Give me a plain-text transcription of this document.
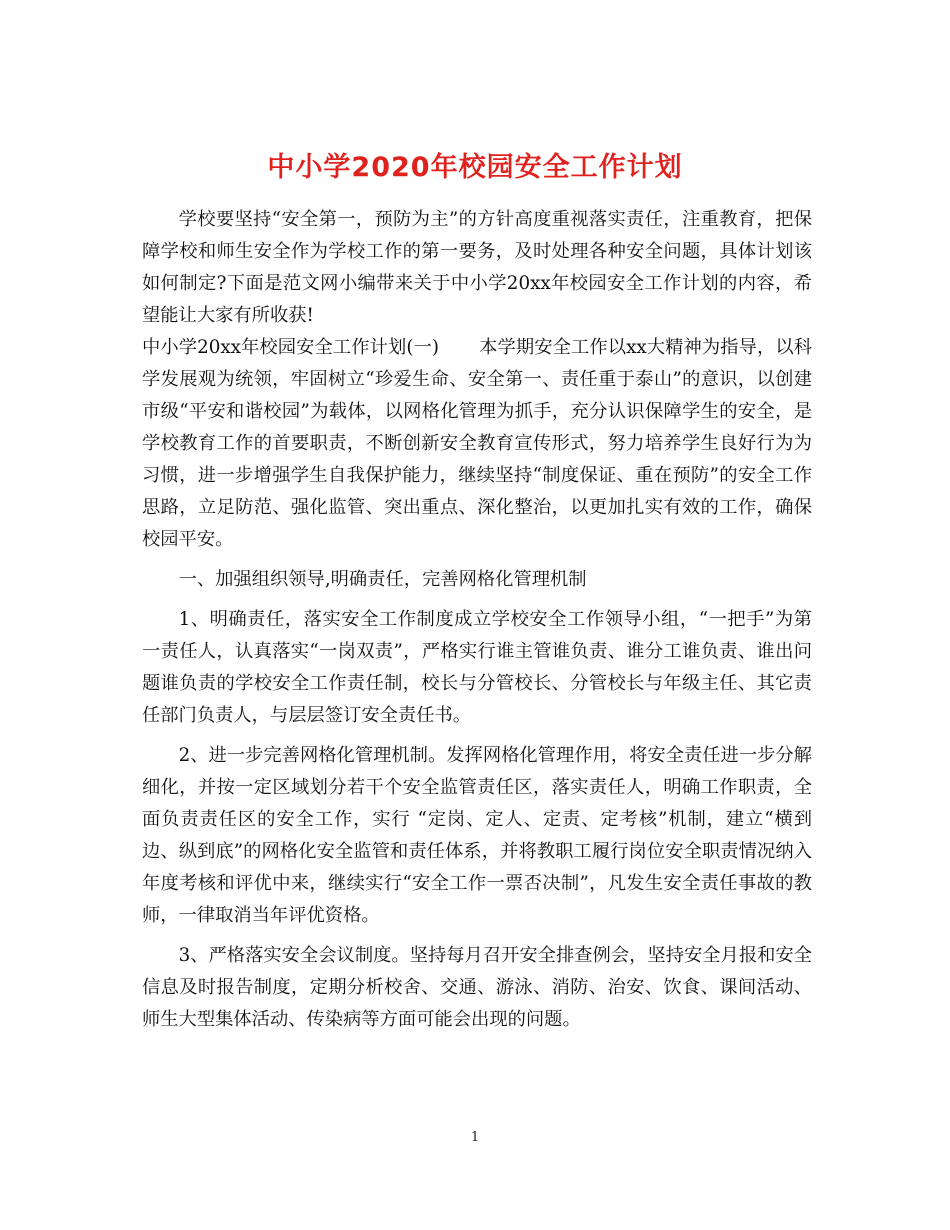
中小学2020年校园安全工作计划

学校要坚持“安全第一，预防为主”的方针高度重视落实责任，注重教育，把保障学校和师生安全作为学校工作的第一要务，及时处理各种安全问题，具体计划该如何制定?下面是范文网小编带来关于中小学20xx年校园安全工作计划的内容，希望能让大家有所收获!

中小学20xx年校园安全工作计划(一) 本学期安全工作以xx大精神为指导，以科学发展观为统领，牢固树立“珍爱生命、安全第一、责任重于泰山”的意识，以创建市级“平安和谐校园”为载体，以网格化管理为抓手，充分认识保障学生的安全，是学校教育工作的首要职责，不断创新安全教育宣传形式，努力培养学生良好行为为习惯，进一步增强学生自我保护能力，继续坚持“制度保证、重在预防”的安全工作思路，立足防范、强化监管、突出重点、深化整治，以更加扎实有效的工作，确保校园平安。

一、加强组织领导,明确责任，完善网格化管理机制

1、明确责任，落实安全工作制度成立学校安全工作领导小组，“一把手”为第一责任人，认真落实“一岗双责”，严格实行谁主管谁负责、谁分工谁负责、谁出问题谁负责的学校安全工作责任制，校长与分管校长、分管校长与年级主任、其它责任部门负责人，与层层签订安全责任书。

2、进一步完善网格化管理机制。发挥网格化管理作用，将安全责任进一步分解细化，并按一定区域划分若干个安全监管责任区，落实责任人，明确工作职责，全面负责责任区的安全工作，实行 “定岗、定人、定责、定考核”机制，建立“横到边、纵到底”的网格化安全监管和责任体系，并将教职工履行岗位安全职责情况纳入年度考核和评优中来，继续实行“安全工作一票否决制”，凡发生安全责任事故的教师，一律取消当年评优资格。

3、严格落实安全会议制度。坚持每月召开安全排查例会，坚持安全月报和安全信息及时报告制度，定期分析校舍、交通、游泳、消防、治安、饮食、课间活动、师生大型集体活动、传染病等方面可能会出现的问题。

1
